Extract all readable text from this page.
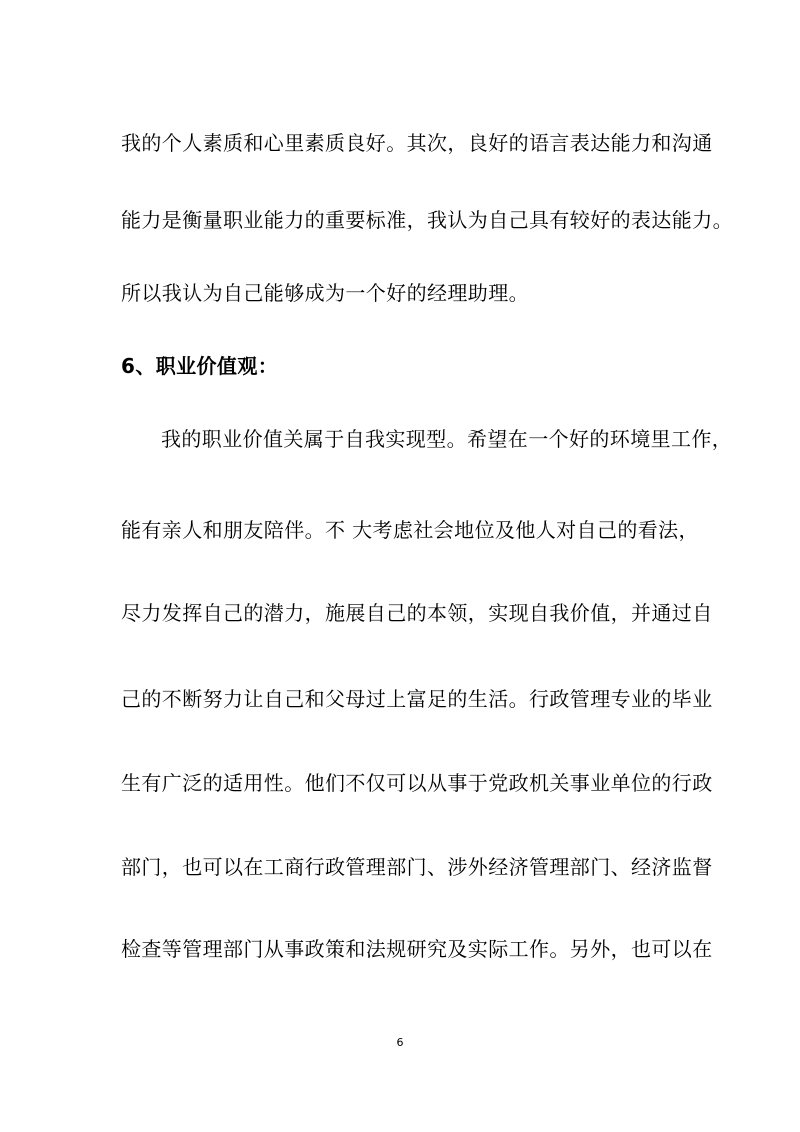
我的个人素质和心里素质良好。其次，良好的语言表达能力和沟通

能力是衡量职业能力的重要标准，我认为自己具有较好的表达能力。

所以我认为自己能够成为一个好的经理助理。

6、职业价值观：

我的职业价值关属于自我实现型。希望在一个好的环境里工作，

能有亲人和朋友陪伴。不 大考虑社会地位及他人对自己的看法，

尽力发挥自己的潜力，施展自己的本领，实现自我价值，并通过自

己的不断努力让自己和父母过上富足的生活。行政管理专业的毕业

生有广泛的适用性。他们不仅可以从事于党政机关事业单位的行政

部门，也可以在工商行政管理部门、涉外经济管理部门、经济监督

检查等管理部门从事政策和法规研究及实际工作。另外，也可以在

6
